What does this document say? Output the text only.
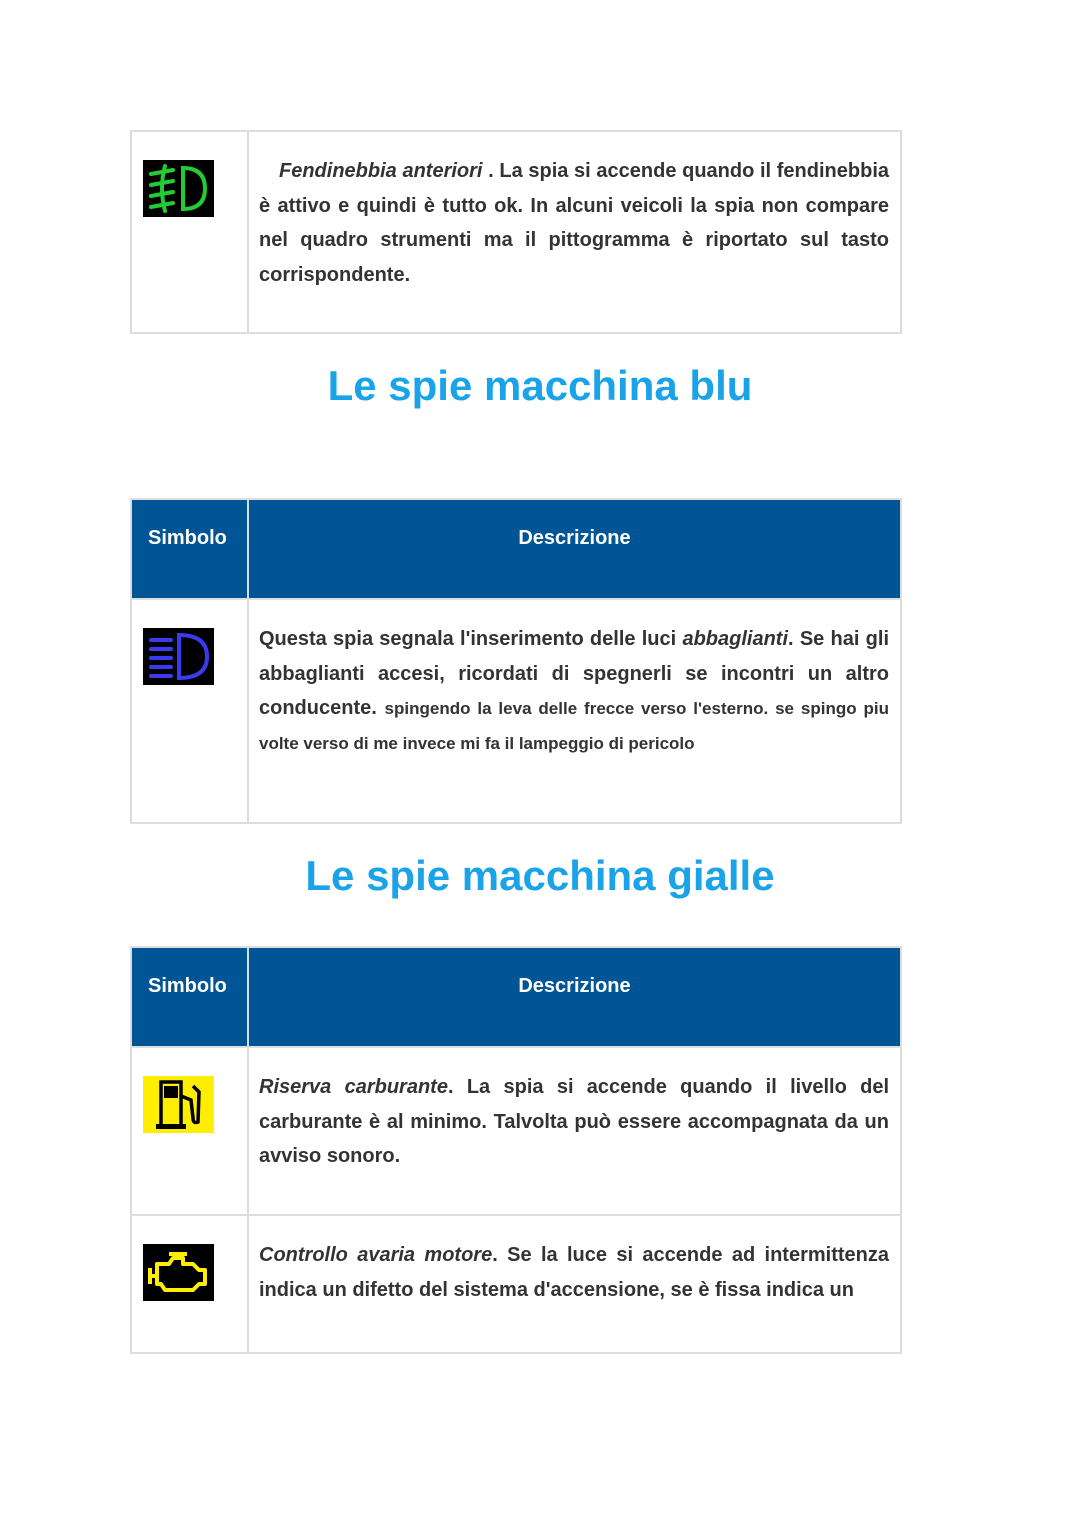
Fendinebbia anteriori . La spia si accende quando il fendinebbia è attivo e quindi è tutto ok. In alcuni veicoli la spia non compare nel quadro strumenti ma il pittogramma è riportato sul tasto corrispondente.
Le spie macchina blu
Simbolo	Descrizione
Questa spia segnala l'inserimento delle luci abbaglianti. Se hai gli abbaglianti accesi, ricordati di spegnerli se incontri un altro conducente. spingendo la leva delle frecce verso l'esterno. se spingo piu volte verso di me invece mi fa il lampeggio di pericolo
Le spie macchina gialle
Simbolo	Descrizione
Riserva carburante. La spia si accende quando il livello del carburante è al minimo. Talvolta può essere accompagnata da un avviso sonoro.
Controllo avaria motore. Se la luce si accende ad intermittenza indica un difetto del sistema d'accensione, se è fissa indica un
